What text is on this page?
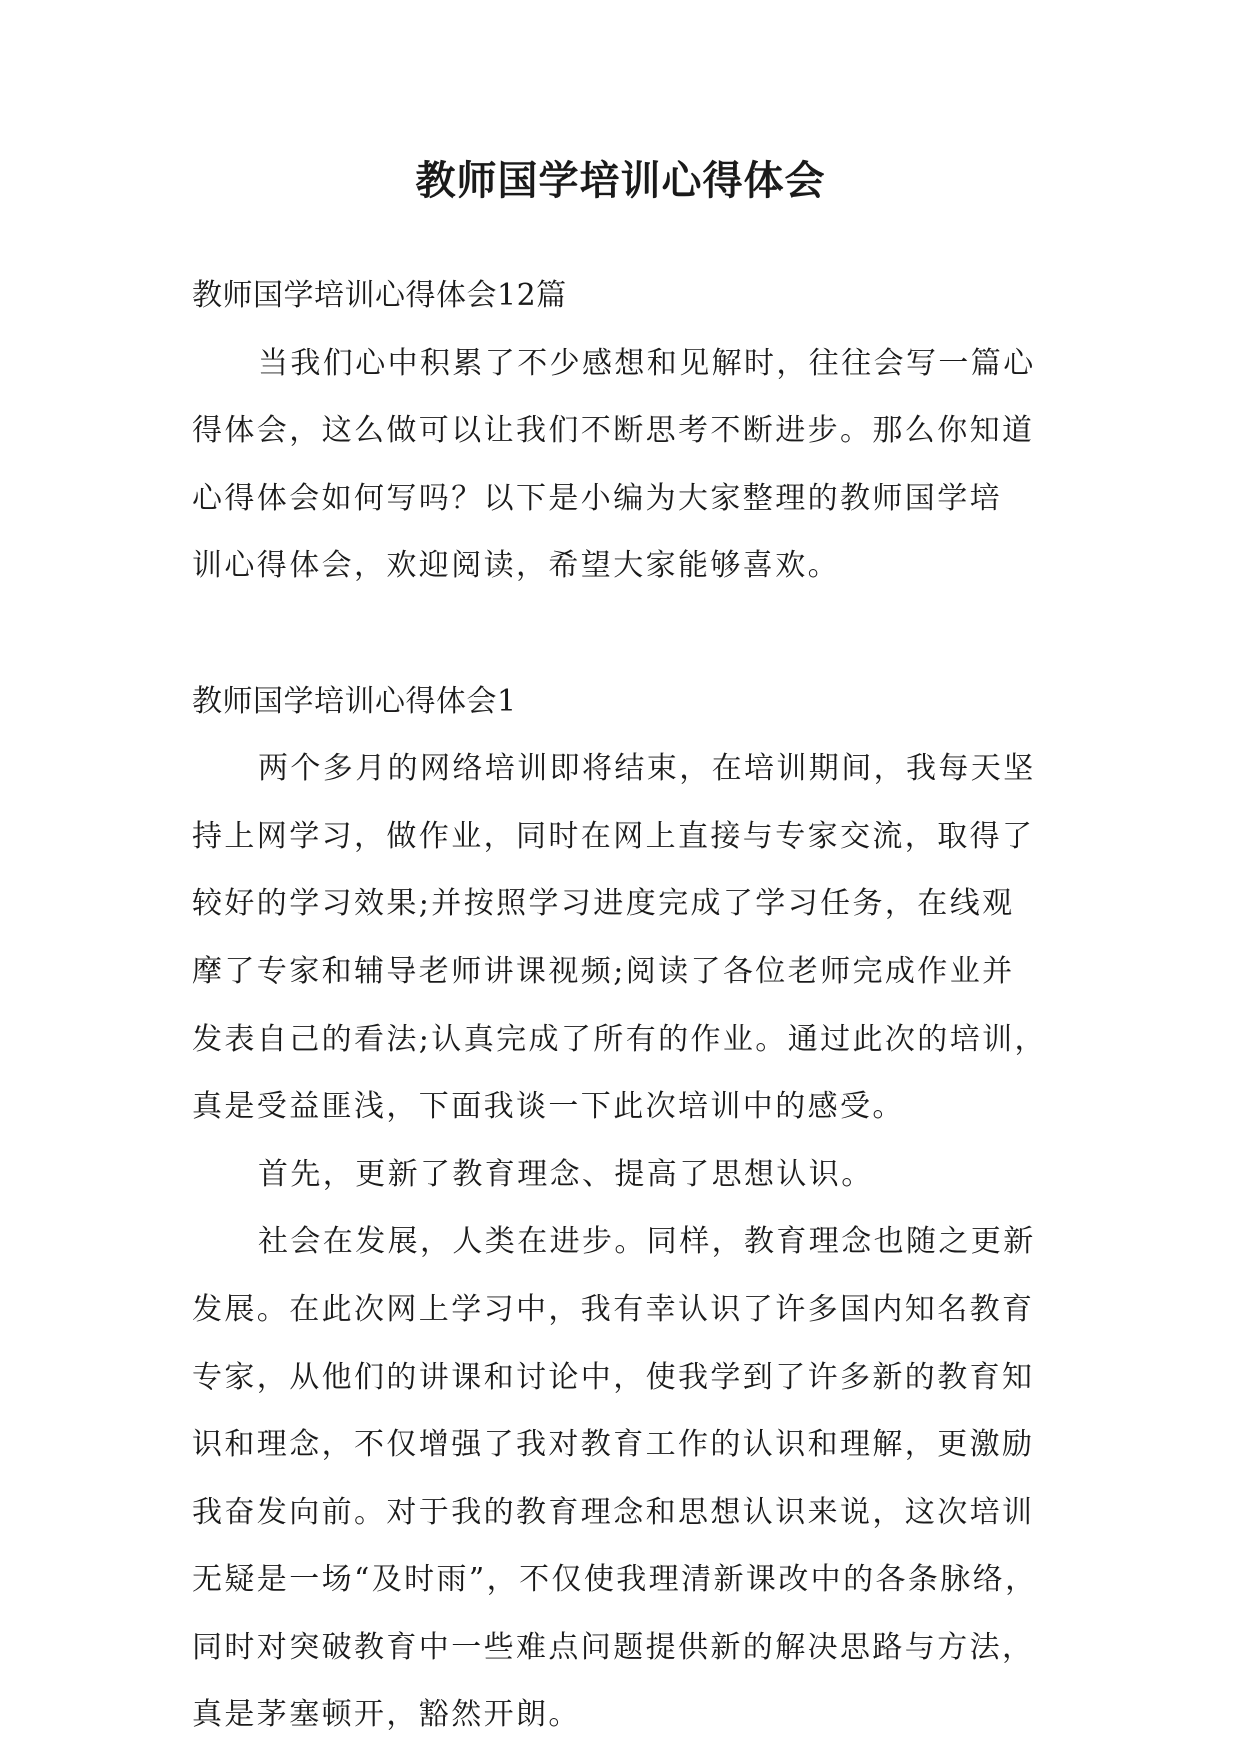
教师国学培训心得体会
教师国学培训心得体会12篇
当我们心中积累了不少感想和见解时，往往会写一篇心
得体会，这么做可以让我们不断思考不断进步。那么你知道
心得体会如何写吗？以下是小编为大家整理的教师国学培
训心得体会，欢迎阅读，希望大家能够喜欢。
教师国学培训心得体会1
两个多月的网络培训即将结束，在培训期间，我每天坚
持上网学习，做作业，同时在网上直接与专家交流，取得了
较好的学习效果;并按照学习进度完成了学习任务，在线观
摩了专家和辅导老师讲课视频;阅读了各位老师完成作业并
发表自己的看法;认真完成了所有的作业。通过此次的培训，
真是受益匪浅，下面我谈一下此次培训中的感受。
首先，更新了教育理念、提高了思想认识。
社会在发展，人类在进步。同样，教育理念也随之更新
发展。在此次网上学习中，我有幸认识了许多国内知名教育
专家，从他们的讲课和讨论中，使我学到了许多新的教育知
识和理念，不仅增强了我对教育工作的认识和理解，更激励
我奋发向前。对于我的教育理念和思想认识来说，这次培训
无疑是一场“及时雨”，不仅使我理清新课改中的各条脉络，
同时对突破教育中一些难点问题提供新的解决思路与方法，
真是茅塞顿开，豁然开朗。
